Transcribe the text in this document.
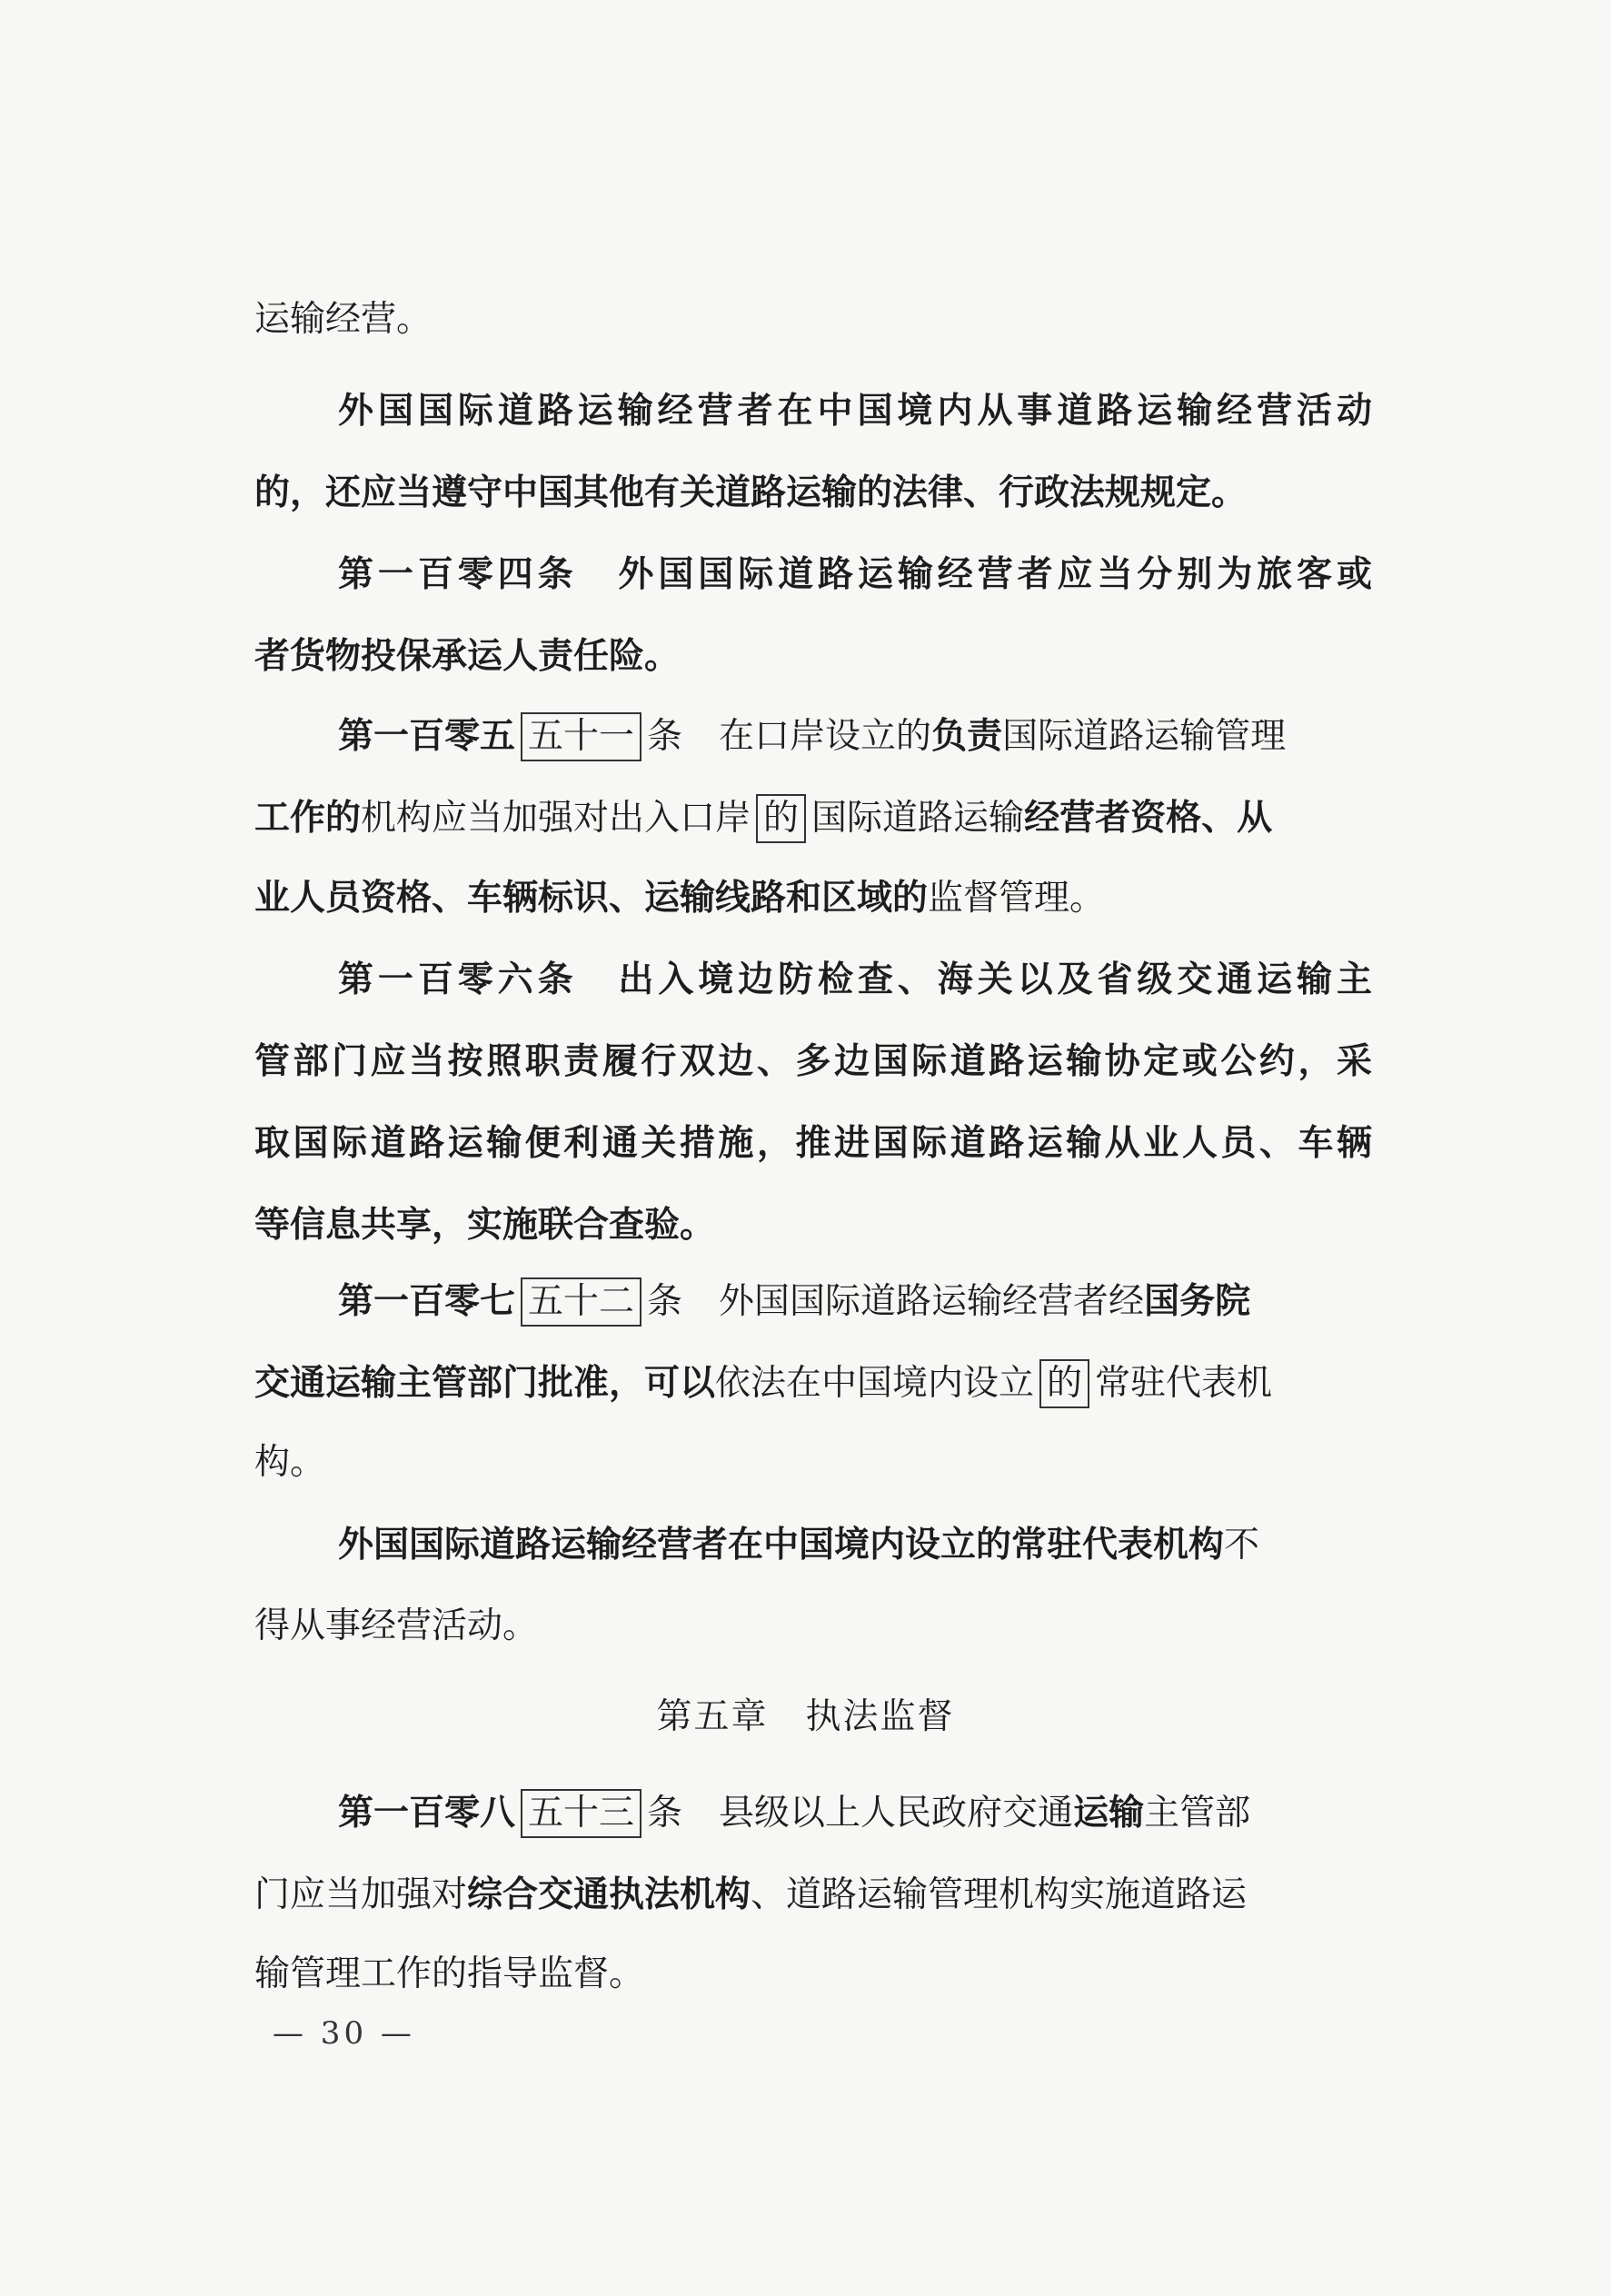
运输经营。
外国国际道路运输经营者在中国境内从事道路运输经营活动
的，还应当遵守中国其他有关道路运输的法律、行政法规规定。
第一百零四条 外国国际道路运输经营者应当分别为旅客或
者货物投保承运人责任险。
第一百零五 五十一 条 在口岸设立的负责国际道路运输管理
工作的机构应当加强对出入口岸 的 国际道路运输经营者资格、从
业人员资格、车辆标识、运输线路和区域的监督管理。
第一百零六条 出入境边防检查、海关以及省级交通运输主
管部门应当按照职责履行双边、多边国际道路运输协定或公约，采
取国际道路运输便利通关措施，推进国际道路运输从业人员、车辆
等信息共享，实施联合查验。
第一百零七 五十二 条 外国国际道路运输经营者经国务院
交通运输主管部门批准，可以依法在中国境内设立 的 常驻代表机
构。
外国国际道路运输经营者在中国境内设立的常驻代表机构不
得从事经营活动。
第五章　执法监督
第一百零八 五十三 条 县级以上人民政府交通运输主管部
门应当加强对综合交通执法机构、道路运输管理机构实施道路运
输管理工作的指导监督。
— 30 —
